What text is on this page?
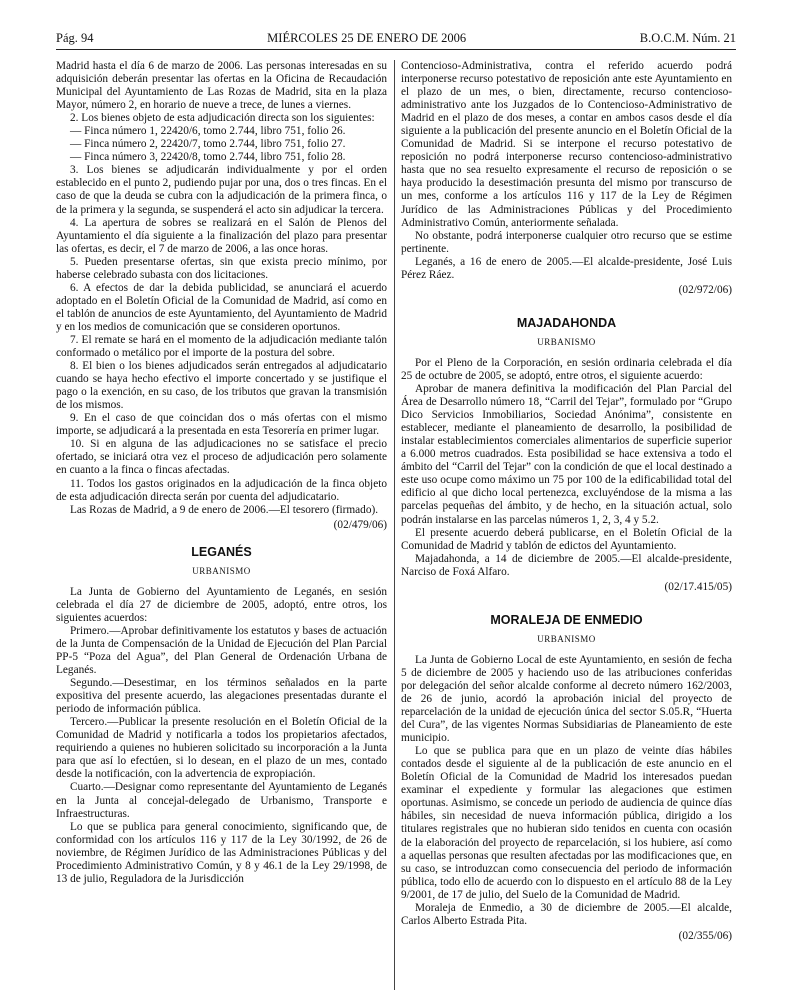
Pág. 94	MIÉRCOLES 25 DE ENERO DE 2006	B.O.C.M. Núm. 21

Madrid hasta el día 6 de marzo de 2006. Las personas interesadas en su adquisición deberán presentar las ofertas en la Oficina de Recaudación Municipal del Ayuntamiento de Las Rozas de Madrid, sita en la plaza Mayor, número 2, en horario de nueve a trece, de lunes a viernes.

2. Los bienes objeto de esta adjudicación directa son los siguientes:

— Finca número 1, 22420/6, tomo 2.744, libro 751, folio 26.

— Finca número 2, 22420/7, tomo 2.744, libro 751, folio 27.

— Finca número 3, 22420/8, tomo 2.744, libro 751, folio 28.

3. Los bienes se adjudicarán individualmente y por el orden establecido en el punto 2, pudiendo pujar por una, dos o tres fincas. En el caso de que la deuda se cubra con la adjudicación de la primera finca, o de la primera y la segunda, se suspenderá el acto sin adjudicar la tercera.

4. La apertura de sobres se realizará en el Salón de Plenos del Ayuntamiento el día siguiente a la finalización del plazo para presentar las ofertas, es decir, el 7 de marzo de 2006, a las once horas.

5. Pueden presentarse ofertas, sin que exista precio mínimo, por haberse celebrado subasta con dos licitaciones.

6. A efectos de dar la debida publicidad, se anunciará el acuerdo adoptado en el Boletín Oficial de la Comunidad de Madrid, así como en el tablón de anuncios de este Ayuntamiento, del Ayuntamiento de Madrid y en los medios de comunicación que se consideren oportunos.

7. El remate se hará en el momento de la adjudicación mediante talón conformado o metálico por el importe de la postura del sobre.

8. El bien o los bienes adjudicados serán entregados al adjudicatario cuando se haya hecho efectivo el importe concertado y se justifique el pago o la exención, en su caso, de los tributos que gravan la transmisión de los mismos.

9. En el caso de que coincidan dos o más ofertas con el mismo importe, se adjudicará a la presentada en esta Tesorería en primer lugar.

10. Si en alguna de las adjudicaciones no se satisface el precio ofertado, se iniciará otra vez el proceso de adjudicación pero solamente en cuanto a la finca o fincas afectadas.

11. Todos los gastos originados en la adjudicación de la finca objeto de esta adjudicación directa serán por cuenta del adjudicatario.

Las Rozas de Madrid, a 9 de enero de 2006.—El tesorero (firmado).

(02/479/06)

LEGANÉS

URBANISMO

La Junta de Gobierno del Ayuntamiento de Leganés, en sesión celebrada el día 27 de diciembre de 2005, adoptó, entre otros, los siguientes acuerdos:

Primero.—Aprobar definitivamente los estatutos y bases de actuación de la Junta de Compensación de la Unidad de Ejecución del Plan Parcial PP-5 “Poza del Agua”, del Plan General de Ordenación Urbana de Leganés.

Segundo.—Desestimar, en los términos señalados en la parte expositiva del presente acuerdo, las alegaciones presentadas durante el periodo de información pública.

Tercero.—Publicar la presente resolución en el Boletín Oficial de la Comunidad de Madrid y notificarla a todos los propietarios afectados, requiriendo a quienes no hubieren solicitado su incorporación a la Junta para que así lo efectúen, si lo desean, en el plazo de un mes, contado desde la notificación, con la advertencia de expropiación.

Cuarto.—Designar como representante del Ayuntamiento de Leganés en la Junta al concejal-delegado de Urbanismo, Transporte e Infraestructuras.

Lo que se publica para general conocimiento, significando que, de conformidad con los artículos 116 y 117 de la Ley 30/1992, de 26 de noviembre, de Régimen Jurídico de las Administraciones Públicas y del Procedimiento Administrativo Común, y 8 y 46.1 de la Ley 29/1998, de 13 de julio, Reguladora de la Jurisdicción

Contencioso-Administrativa, contra el referido acuerdo podrá interponerse recurso potestativo de reposición ante este Ayuntamiento en el plazo de un mes, o bien, directamente, recurso contencioso-administrativo ante los Juzgados de lo Contencioso-Administrativo de Madrid en el plazo de dos meses, a contar en ambos casos desde el día siguiente a la publicación del presente anuncio en el Boletín Oficial de la Comunidad de Madrid. Si se interpone el recurso potestativo de reposición no podrá interponerse recurso contencioso-administrativo hasta que no sea resuelto expresamente el recurso de reposición o se haya producido la desestimación presunta del mismo por transcurso de un mes, conforme a los artículos 116 y 117 de la Ley de Régimen Jurídico de las Administraciones Públicas y del Procedimiento Administrativo Común, anteriormente señalada.

No obstante, podrá interponerse cualquier otro recurso que se estime pertinente.

Leganés, a 16 de enero de 2005.—El alcalde-presidente, José Luis Pérez Ráez.

(02/972/06)

MAJADAHONDA

URBANISMO

Por el Pleno de la Corporación, en sesión ordinaria celebrada el día 25 de octubre de 2005, se adoptó, entre otros, el siguiente acuerdo:

Aprobar de manera definitiva la modificación del Plan Parcial del Área de Desarrollo número 18, “Carril del Tejar”, formulado por “Grupo Dico Servicios Inmobiliarios, Sociedad Anónima”, consistente en establecer, mediante el planeamiento de desarrollo, la posibilidad de instalar establecimientos comerciales alimentarios de superficie superior a 6.000 metros cuadrados. Esta posibilidad se hace extensiva a todo el ámbito del “Carril del Tejar” con la condición de que el local destinado a este uso ocupe como máximo un 75 por 100 de la edificabilidad total del edificio al que dicho local pertenezca, excluyéndose de la misma a las parcelas pequeñas del ámbito, y de hecho, en la situación actual, solo podrán instalarse en las parcelas números 1, 2, 3, 4 y 5.2.

El presente acuerdo deberá publicarse, en el Boletín Oficial de la Comunidad de Madrid y tablón de edictos del Ayuntamiento.

Majadahonda, a 14 de diciembre de 2005.—El alcalde-presidente, Narciso de Foxá Alfaro.

(02/17.415/05)

MORALEJA DE ENMEDIO

URBANISMO

La Junta de Gobierno Local de este Ayuntamiento, en sesión de fecha 5 de diciembre de 2005 y haciendo uso de las atribuciones conferidas por delegación del señor alcalde conforme al decreto número 162/2003, de 26 de junio, acordó la aprobación inicial del proyecto de reparcelación de la unidad de ejecución única del sector S.05.R, “Huerta del Cura”, de las vigentes Normas Subsidiarias de Planeamiento de este municipio.

Lo que se publica para que en un plazo de veinte días hábiles contados desde el siguiente al de la publicación de este anuncio en el Boletín Oficial de la Comunidad de Madrid los interesados puedan examinar el expediente y formular las alegaciones que estimen oportunas. Asimismo, se concede un periodo de audiencia de quince días hábiles, sin necesidad de nueva información pública, dirigido a los titulares registrales que no hubieran sido tenidos en cuenta con ocasión de la elaboración del proyecto de reparcelación, si los hubiere, así como a aquellas personas que resulten afectadas por las modificaciones que, en su caso, se introduzcan como consecuencia del periodo de información pública, todo ello de acuerdo con lo dispuesto en el artículo 88 de la Ley 9/2001, de 17 de julio, del Suelo de la Comunidad de Madrid.

Moraleja de Enmedio, a 30 de diciembre de 2005.—El alcalde, Carlos Alberto Estrada Pita.

(02/355/06)
